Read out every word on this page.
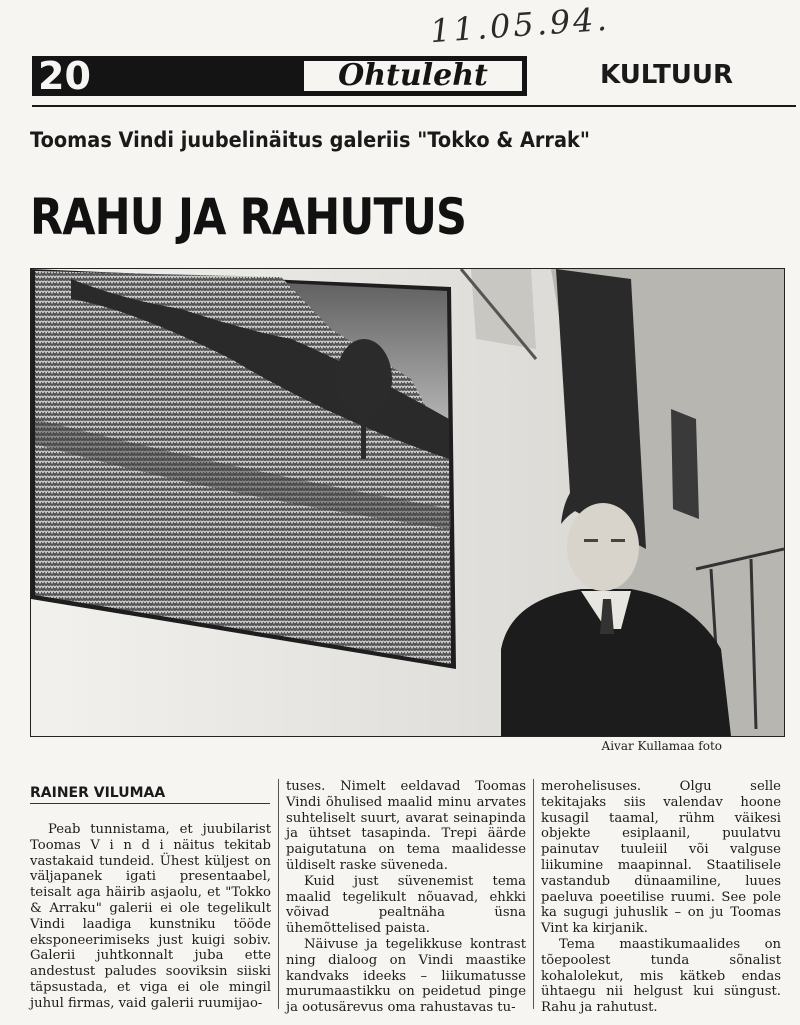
11.05.94.
20	Õhtuleht	KULTUUR
Toomas Vindi juubelinäitus galeriis "Tokko & Arrak"
RAHU JA RAHUTUS
Aivar Kullamaa foto
RAINER VILUMAA

Peab tunnistama, et juubilarist Toomas V i n d i näitus tekitab vastakaid tundeid. Ühest küljest on väljapanek igati presentaabel, teisalt aga häirib asjaolu, et "Tokko & Arraku" galerii ei ole tegelikult Vindi laadiga kunstniku tööde eksponeerimiseks just kuigi sobiv. Galerii juhtkonnalt juba ette andestust paludes sooviksin siiski täpsustada, et viga ei ole mingil juhul firmas, vaid galerii ruumijao-

tuses. Nimelt eeldavad Toomas Vindi õhulised maalid minu arvates suhteliselt suurt, avarat seinapinda ja ühtset tasapinda. Trepi äärde paigutatuna on tema maalidesse üldiselt raske süveneda.

Kuid just süvenemist tema maalid tegelikult nõuavad, ehkki võivad pealtnäha üsna ühemõttelised paista.

Näivuse ja tegelikkuse kontrast ning dialoog on Vindi maastike kandvaks ideeks – liikumatusse murumaastikku on peidetud pinge ja ootusärevus oma rahustavas tu-

merohelisuses. Olgu selle tekitajaks siis valendav hoone kusagil taamal, rühm väikesi objekte esiplaanil, puulatvu painutav tuuleiil või valguse liikumine maapinnal. Staatilisele vastandub dünaamiline, luues paeluva poeetilise ruumi. See pole ka sugugi juhuslik – on ju Toomas Vint ka kirjanik.

Tema maastikumaalides on tõepoolest tunda sõnalist kohalolekut, mis kätkeb endas ühtaegu nii helgust kui süngust. Rahu ja rahutust.
